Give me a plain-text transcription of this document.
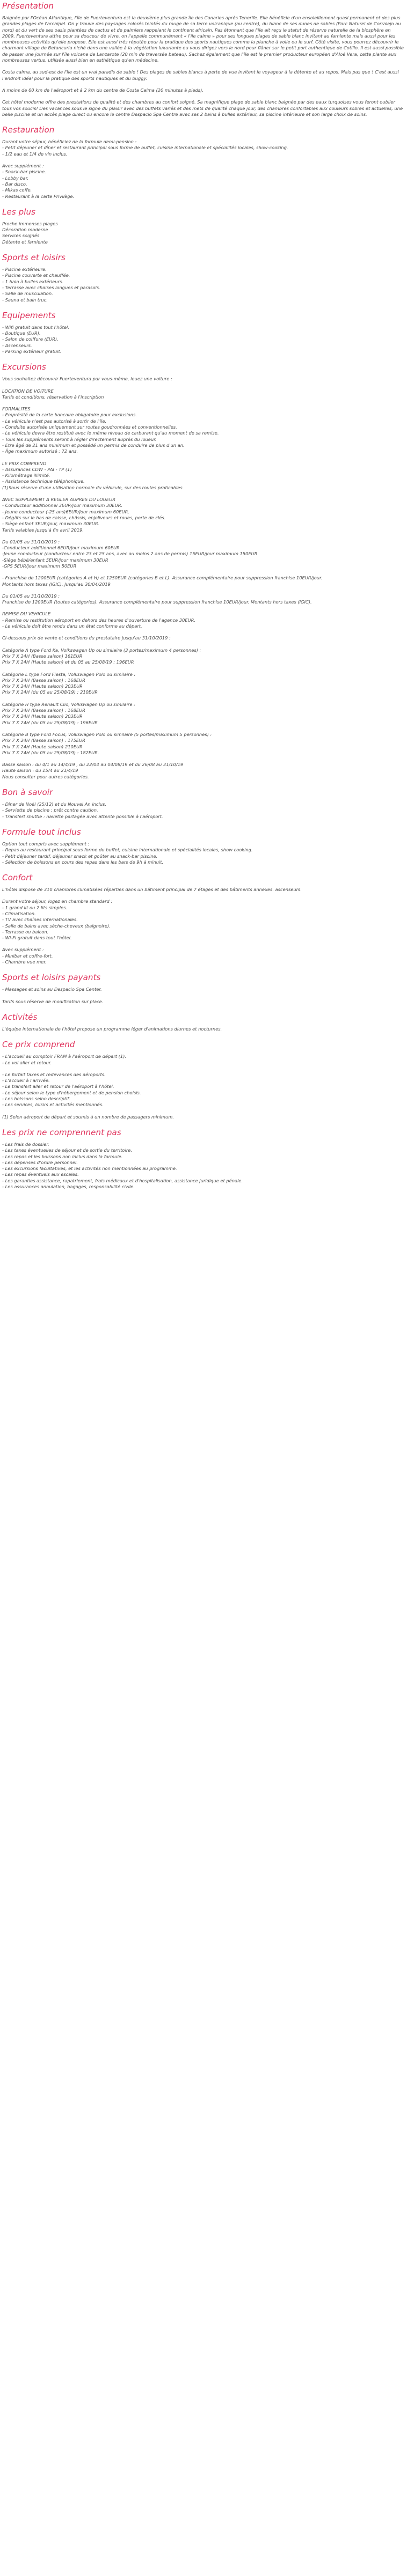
Présentation

Baignée par l'Océan Atlantique, l'île de Fuerteventura est la deuxième plus grande île des Canaries après Tenerife. Elle bénéficie d'un ensoleillement quasi permanent et des plus grandes plages de l'archipel. On y trouve des paysages colorés teintés du rouge de sa terre volcanique (au centre), du blanc de ses dunes de sables (Parc Naturel de Corralejo au nord) et du vert de ses oasis plantées de cactus et de palmiers rappelant le continent africain. Pas étonnant que l'île ait reçu le statut de réserve naturelle de la biosphère en 2009. Fuerteventura attire pour sa douceur de vivre, on l'appelle communément « l'île calme » pour ses longues plages de sable blanc invitant au farniente mais aussi pour les nombreuses activités qu'elle propose. Elle est aussi très réputée pour la pratique des sports nautiques comme la planche à voile ou le surf. Côté visite, vous pourrez découvrir le charmant village de Betancuria niché dans une vallée à la végétation luxuriante ou vous dirigez vers le nord pour flâner sur le petit port authentique de Cotillo. Il est aussi possible de passer une journée sur l'île volcane de Lanzarote (20 min de traversée bateau). Sachez également que l'île est le premier producteur européen d'Aloé Vera, cette plante aux nombreuses vertus, utilisée aussi bien en esthétique qu'en médecine.

Costa calma, au sud-est de l'île est un vrai paradis de sable ! Des plages de sables blancs à perte de vue invitent le voyageur à la détente et au repos. Mais pas que ! C'est aussi l'endroit idéal pour la pratique des sports nautiques et du buggy.

A moins de 60 km de l'aéroport et à 2 km du centre de Costa Calma (20 minutes à pieds).

Cet hôtel moderne offre des prestations de qualité et des chambres au confort soigné. Sa magnifique plage de sable blanc baignée par des eaux turquoises vous feront oublier tous vos soucis! Des vacances sous le signe du plaisir avec des buffets variés et des mets de qualité chaque jour, des chambres confortables aux couleurs sobres et actuelles, une belle piscine et un accès plage direct ou encore le centre Despacio Spa Centre avec ses 2 bains à bulles extérieur, sa piscine intérieure et son large choix de soins.

Restauration

Durant votre séjour, bénéficiez de la formule demi-pension :
- Petit déjeuner et dîner et restaurant principal sous forme de buffet, cuisine internationale et spécialités locales, show-cooking.
- 1/2 eau et 1/4 de vin inclus.

Avec supplément :
- Snack-bar piscine.
- Lobby bar.
- Bar disco.
- Mikas coffe.
- Restaurant à la carte Privilège.

Les plus

Proche immenses plages
Décoration moderne
Services soignés
Détente et farniente

Sports et loisirs

- Piscine extérieure.
- Piscine couverte et chauffée.
- 1 bain à bulles extérieurs.
- Terrasse avec chaises longues et parasols.
- Salle de musculation.
- Sauna et bain truc.

Equipements

- Wifi gratuit dans tout l'hôtel.
- Boutique (EUR).
- Salon de coiffure (EUR).
- Ascenseurs.
- Parking extérieur gratuit.

Excursions

Vous souhaitez découvrir Fuerteventura par vous-même, louez une voiture :

LOCATION DE VOITURE
Tarifs et conditions, réservation à l'inscription

FORMALITES
- Emprésité de la carte bancaire obligatoire pour exclusions.
- Le véhicule n'est pas autorisé à sortir de l'île.
- Conduite autorisée uniquement sur routes goudronnées et conventionnelles.
- Le véhicule devra être restitué avec le même niveau de carburant qu'au moment de sa remise.
- Tous les suppléments seront à régler directement auprès du loueur.
- Etre âgé de 21 ans minimum et possédé un permis de conduire de plus d'un an.
- Âge maximum autorisé : 72 ans.

LE PRIX COMPREND
- Assurances CDW - PAI - TP (1)
- Kilométrage illimité.
- Assistance technique téléphonique.
(1)Sous réserve d'une utilisation normale du véhicule, sur des routes praticables

AVEC SUPPLEMENT A REGLER AUPRES DU LOUEUR
- Conducteur additionnel 3EUR/jour maximum 30EUR.
- Jeune conducteur (-25 ans)6EUR/jour maximum 60EUR.
- Dégâts sur le bas de caisse, châssis, enjoliveurs et roues, perte de clés.
- Siège enfant 3EUR/jour, maximum 30EUR.
Tarifs valables jusqu'à fin avril 2019.

Du 01/05 au 31/10/2019 :
-Conducteur additionnel 6EUR/jour maximum 60EUR
-Jeune conducteur (conducteur entre 23 et 25 ans, avec au moins 2 ans de permis) 15EUR/jour maximum 150EUR
-Siège bébé/enfant 5EUR/jour maximum 30EUR
-GPS 5EUR/jour maximum 50EUR

- Franchise de 1200EUR (catégories A et H) et 1250EUR (catégories B et L). Assurance complémentaire pour suppression franchise 10EUR/jour.
Montants hors taxes (IGIC). Jusqu'au 30/04/2019

Du 01/05 au 31/10/2019 :
Franchise de 1200EUR (toutes catégories). Assurance complémentaire pour suppression franchise 10EUR/jour. Montants hors taxes (IGIC).

REMISE DU VEHICULE
- Remise ou restitution aéroport en dehors des heures d'ouverture de l'agence 30EUR.
- Le véhicule doit être rendu dans un état conforme au départ.

Ci-dessous prix de vente et conditions du prestataire jusqu'au 31/10/2019 :

Catégorie A type Ford Ka, Volkswagen Up ou similaire (3 portes/maximum 4 personnes) :
Prix 7 X 24H (Basse saison) 161EUR
Prix 7 X 24H (Haute saison) et du 05 au 25/08/19 : 196EUR

Catégorie L type Ford Fiesta, Volkswagen Polo ou similaire :
Prix 7 X 24H (Basse saison) : 168EUR
Prix 7 X 24H (Haute saison) 203EUR
Prix 7 X 24H (du 05 au 25/08/19) : 210EUR

Catégorie H type Renault Clio, Volkswagen Up ou similaire :
Prix 7 X 24H (Basse saison) : 168EUR
Prix 7 X 24H (Haute saison) 203EUR
Prix 7 X 24H (du 05 au 25/08/19) : 196EUR

Catégorie B type Ford Focus, Volkswagen Polo ou similaire (5 portes/maximum 5 personnes) :
Prix 7 X 24H (Basse saison) : 175EUR
Prix 7 X 24H (Haute saison) 210EUR
Prix 7 X 24H (du 05 au 25/08/19) : 182EUR.

Basse saison : du 4/1 au 14/4/19 , du 22/04 au 04/08/19 et du 26/08 au 31/10/19
Haute saison : du 15/4 au 21/4/19
Nous consulter pour autres catégories.

Bon à savoir

- Dîner de Noël (25/12) et du Nouvel An inclus.
- Serviette de piscine : prêt contre caution.
- Transfert shuttle : navette partagée avec attente possible à l'aéroport.

Formule tout inclus

Option tout compris avec supplément :
- Repas au restaurant principal sous forme du buffet, cuisine internationale et spécialités locales, show cooking.
- Petit déjeuner tardif, déjeuner snack et goûter au snack-bar piscine.
- Sélection de boissons en cours des repas dans les bars de 9h à minuit.

Confort

L'hôtel dispose de 310 chambres climatisées réparties dans un bâtiment principal de 7 étages et des bâtiments annexes. ascenseurs.

Durant votre séjour, logez en chambre standard :
- 1 grand lit ou 2 lits simples.
- Climatisation.
- TV avec chaînes internationales.
- Salle de bains avec sèche-cheveux (baignoire).
- Terrasse ou balcon.
- Wi-Fi gratuit dans tout l'hôtel.

Avec supplément :
- Minibar et coffre-fort.
- Chambre vue mer.

Sports et loisirs payants

- Massages et soins au Despacio Spa Center.

Tarifs sous réserve de modification sur place.

Activités

L'équipe internationale de l'hôtel propose un programme léger d'animations diurnes et nocturnes.

Ce prix comprend

- L'accueil au comptoir FRAM à l'aéroport de départ (1).
- Le vol aller et retour.

- Le forfait taxes et redevances des aéroports.
- L'accueil à l'arrivée.
- Le transfert aller et retour de l'aéroport à l'hôtel.
- Le séjour selon le type d'hébergement et de pension choisis.
- Les boissons selon descriptif.
- Les services, loisirs et activités mentionnés.

(1) Selon aéroport de départ et soumis à un nombre de passagers minimum.

Les prix ne comprennent pas

- Les frais de dossier.
- Les taxes éventuelles de séjour et de sortie du territoire.
- Les repas et les boissons non inclus dans la formule.
- Les dépenses d'ordre personnel.
- Les excursions facultatives, et les activités non mentionnées au programme.
- Les repas éventuels aux escales.
- Les garanties assistance, rapatriement, frais médicaux et d'hospitalisation, assistance juridique et pénale.
- Les assurances annulation, bagages, responsabilité civile.
